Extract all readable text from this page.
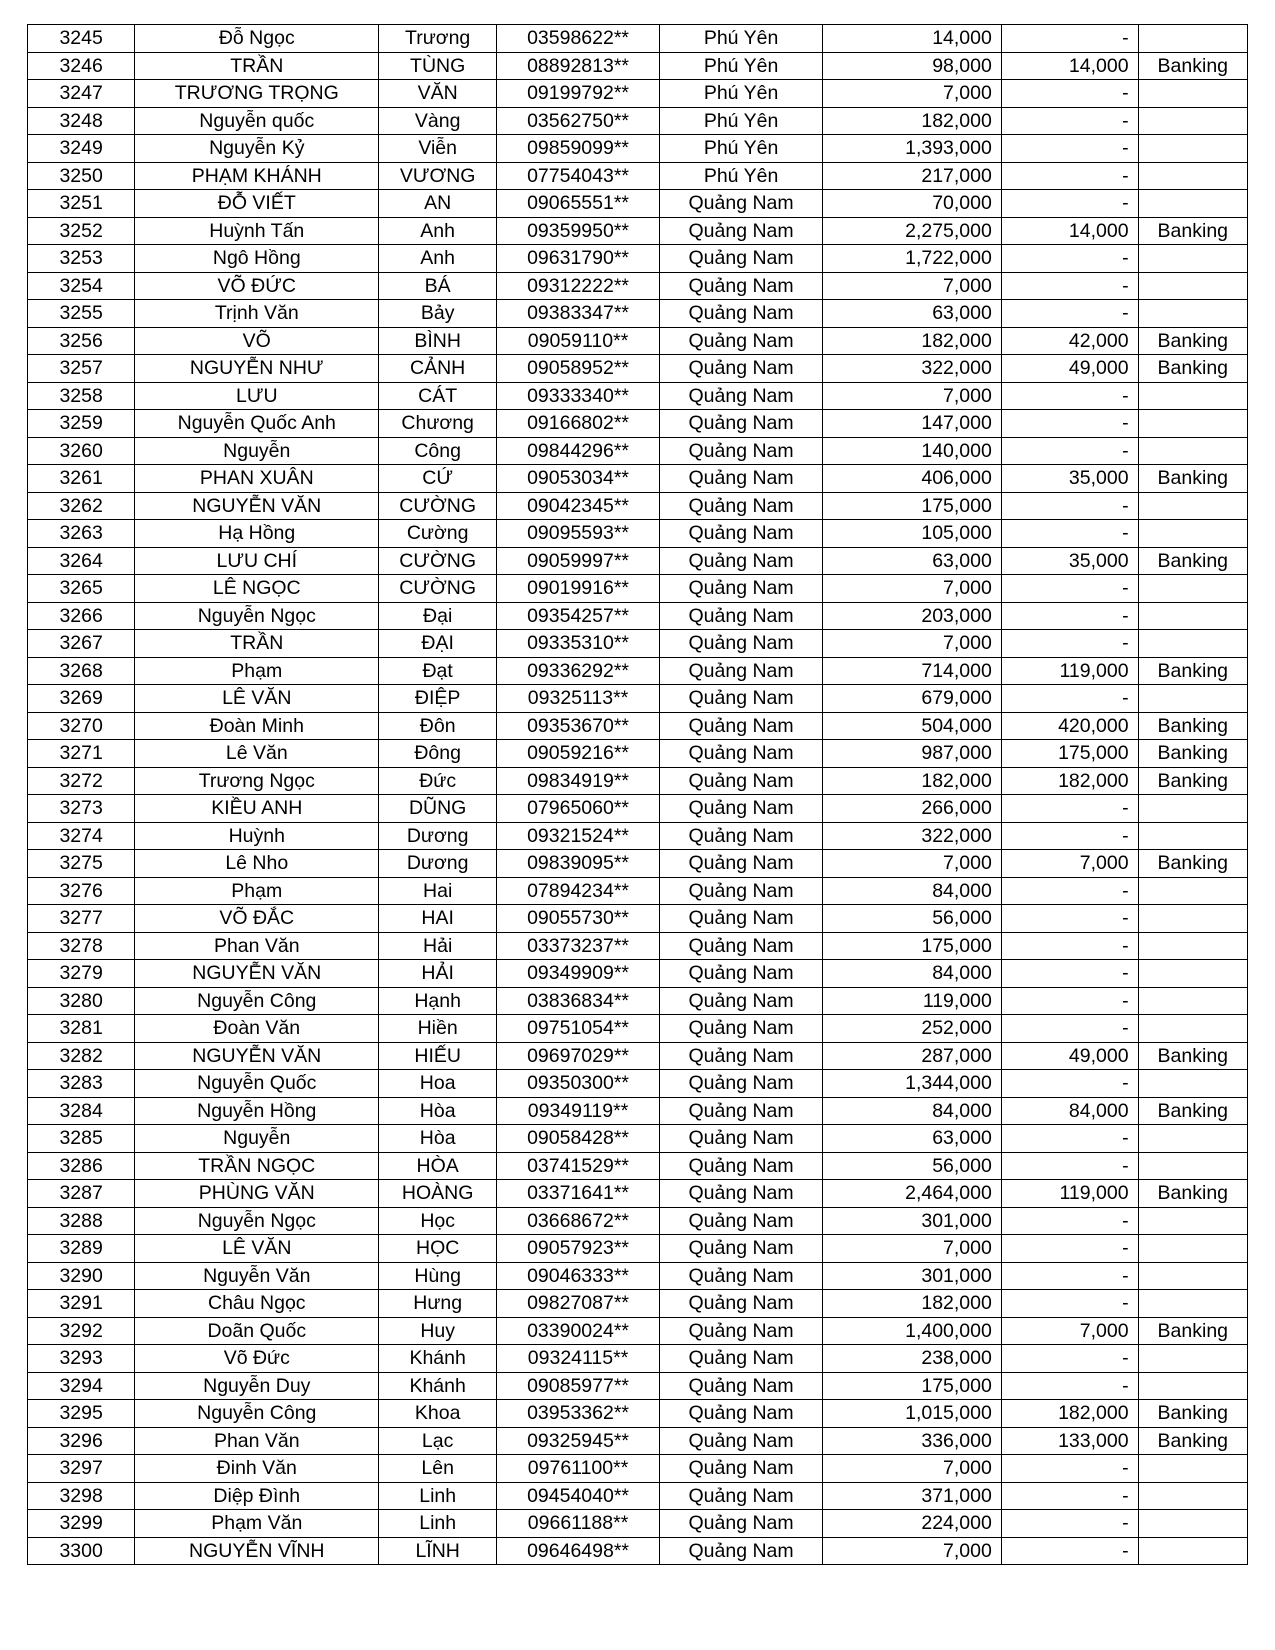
3245	Đỗ Ngọc	Trương	03598622**	Phú Yên	14,000	-	
3246	TRẦN	TÙNG	08892813**	Phú Yên	98,000	14,000	Banking
3247	TRƯƠNG TRỌNG	VĂN	09199792**	Phú Yên	7,000	-	
3248	Nguyễn quốc	Vàng	03562750**	Phú Yên	182,000	-	
3249	Nguyễn Kỷ	Viễn	09859099**	Phú Yên	1,393,000	-	
3250	PHẠM KHÁNH	VƯƠNG	07754043**	Phú Yên	217,000	-	
3251	ĐỖ VIẾT	AN	09065551**	Quảng Nam	70,000	-	
3252	Huỳnh Tấn	Anh	09359950**	Quảng Nam	2,275,000	14,000	Banking
3253	Ngô Hồng	Anh	09631790**	Quảng Nam	1,722,000	-	
3254	VÕ ĐỨC	BÁ	09312222**	Quảng Nam	7,000	-	
3255	Trịnh Văn	Bảy	09383347**	Quảng Nam	63,000	-	
3256	VÕ	BÌNH	09059110**	Quảng Nam	182,000	42,000	Banking
3257	NGUYỄN NHƯ	CẢNH	09058952**	Quảng Nam	322,000	49,000	Banking
3258	LƯU	CÁT	09333340**	Quảng Nam	7,000	-	
3259	Nguyễn Quốc Anh	Chương	09166802**	Quảng Nam	147,000	-	
3260	Nguyễn	Công	09844296**	Quảng Nam	140,000	-	
3261	PHAN XUÂN	CỨ	09053034**	Quảng Nam	406,000	35,000	Banking
3262	NGUYỄN VĂN	CƯỜNG	09042345**	Quảng Nam	175,000	-	
3263	Hạ Hồng	Cường	09095593**	Quảng Nam	105,000	-	
3264	LƯU CHÍ	CƯỜNG	09059997**	Quảng Nam	63,000	35,000	Banking
3265	LÊ NGỌC	CƯỜNG	09019916**	Quảng Nam	7,000	-	
3266	Nguyễn Ngọc	Đại	09354257**	Quảng Nam	203,000	-	
3267	TRẦN	ĐẠI	09335310**	Quảng Nam	7,000	-	
3268	Phạm	Đạt	09336292**	Quảng Nam	714,000	119,000	Banking
3269	LÊ VĂN	ĐIỆP	09325113**	Quảng Nam	679,000	-	
3270	Đoàn Minh	Đôn	09353670**	Quảng Nam	504,000	420,000	Banking
3271	Lê Văn	Đông	09059216**	Quảng Nam	987,000	175,000	Banking
3272	Trương Ngọc	Đức	09834919**	Quảng Nam	182,000	182,000	Banking
3273	KIỀU ANH	DŨNG	07965060**	Quảng Nam	266,000	-	
3274	Huỳnh	Dương	09321524**	Quảng Nam	322,000	-	
3275	Lê Nho	Dương	09839095**	Quảng Nam	7,000	7,000	Banking
3276	Phạm	Hai	07894234**	Quảng Nam	84,000	-	
3277	VÕ ĐẮC	HAI	09055730**	Quảng Nam	56,000	-	
3278	Phan Văn	Hải	03373237**	Quảng Nam	175,000	-	
3279	NGUYỄN VĂN	HẢI	09349909**	Quảng Nam	84,000	-	
3280	Nguyễn Công	Hạnh	03836834**	Quảng Nam	119,000	-	
3281	Đoàn Văn	Hiền	09751054**	Quảng Nam	252,000	-	
3282	NGUYỄN VĂN	HIẾU	09697029**	Quảng Nam	287,000	49,000	Banking
3283	Nguyễn Quốc	Hoa	09350300**	Quảng Nam	1,344,000	-	
3284	Nguyễn Hồng	Hòa	09349119**	Quảng Nam	84,000	84,000	Banking
3285	Nguyễn	Hòa	09058428**	Quảng Nam	63,000	-	
3286	TRẦN NGỌC	HÒA	03741529**	Quảng Nam	56,000	-	
3287	PHÙNG VĂN	HOÀNG	03371641**	Quảng Nam	2,464,000	119,000	Banking
3288	Nguyễn Ngọc	Học	03668672**	Quảng Nam	301,000	-	
3289	LÊ VĂN	HỌC	09057923**	Quảng Nam	7,000	-	
3290	Nguyễn Văn	Hùng	09046333**	Quảng Nam	301,000	-	
3291	Châu Ngọc	Hưng	09827087**	Quảng Nam	182,000	-	
3292	Doãn Quốc	Huy	03390024**	Quảng Nam	1,400,000	7,000	Banking
3293	Võ Đức	Khánh	09324115**	Quảng Nam	238,000	-	
3294	Nguyễn Duy	Khánh	09085977**	Quảng Nam	175,000	-	
3295	Nguyễn Công	Khoa	03953362**	Quảng Nam	1,015,000	182,000	Banking
3296	Phan Văn	Lạc	09325945**	Quảng Nam	336,000	133,000	Banking
3297	Đinh Văn	Lên	09761100**	Quảng Nam	7,000	-	
3298	Diệp Đình	Linh	09454040**	Quảng Nam	371,000	-	
3299	Phạm Văn	Linh	09661188**	Quảng Nam	224,000	-	
3300	NGUYỄN VĨNH	LĨNH	09646498**	Quảng Nam	7,000	-	
